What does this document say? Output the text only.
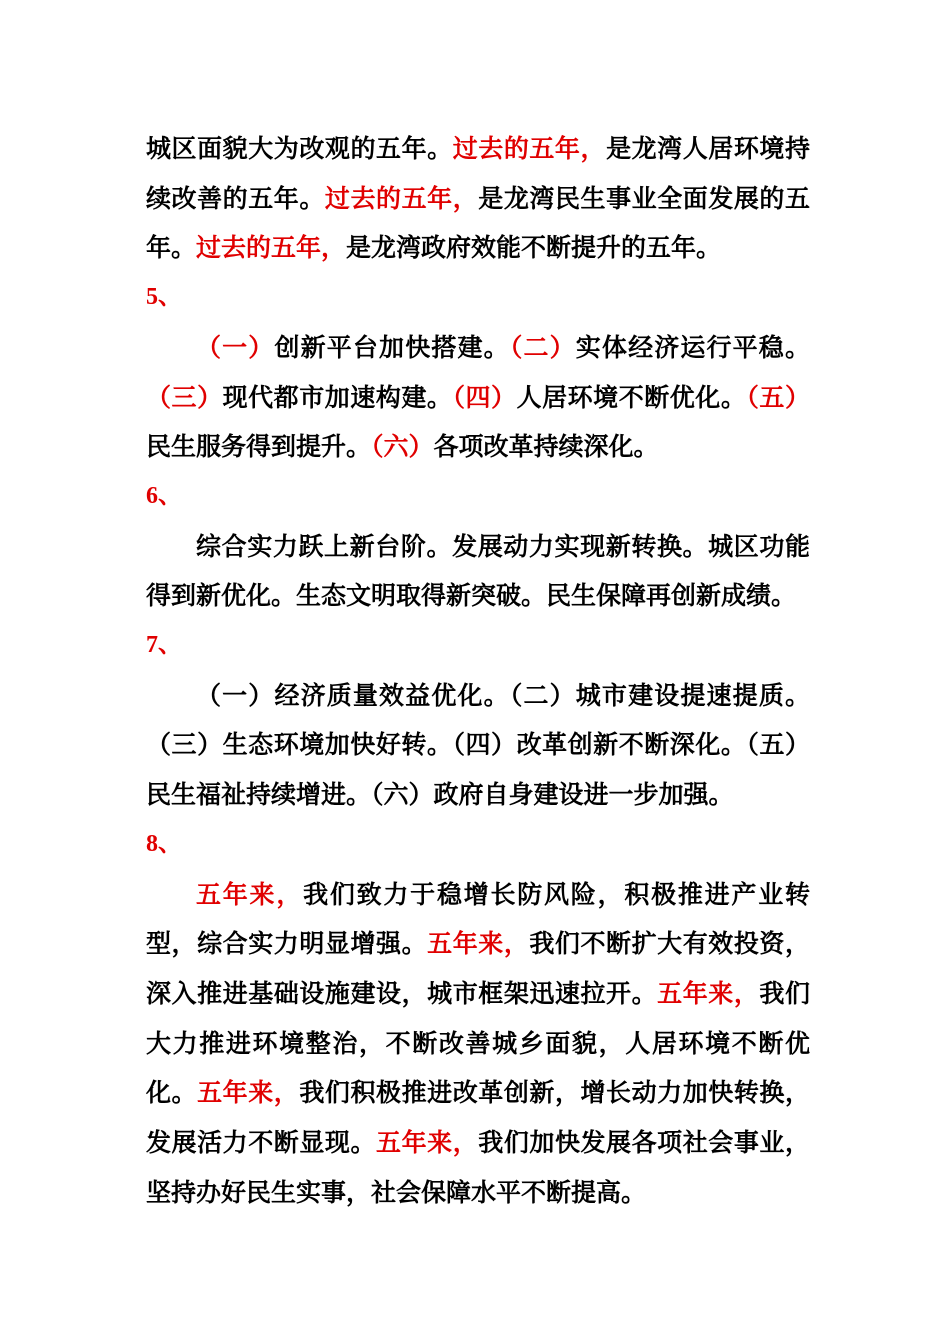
城区面貌大为改观的五年。过去的五年，是龙湾人居环境持续改善的五年。过去的五年，是龙湾民生事业全面发展的五年。过去的五年，是龙湾政府效能不断提升的五年。

5、

（一）创新平台加快搭建。（二）实体经济运行平稳。（三）现代都市加速构建。（四）人居环境不断优化。（五）民生服务得到提升。（六）各项改革持续深化。

6、

综合实力跃上新台阶。发展动力实现新转换。城区功能得到新优化。生态文明取得新突破。民生保障再创新成绩。

7、

（一）经济质量效益优化。（二）城市建设提速提质。（三）生态环境加快好转。（四）改革创新不断深化。（五）民生福祉持续增进。（六）政府自身建设进一步加强。

8、

五年来，我们致力于稳增长防风险，积极推进产业转型，综合实力明显增强。五年来，我们不断扩大有效投资，深入推进基础设施建设，城市框架迅速拉开。五年来，我们大力推进环境整治，不断改善城乡面貌，人居环境不断优化。五年来，我们积极推进改革创新，增长动力加快转换，发展活力不断显现。五年来，我们加快发展各项社会事业，坚持办好民生实事，社会保障水平不断提高。
